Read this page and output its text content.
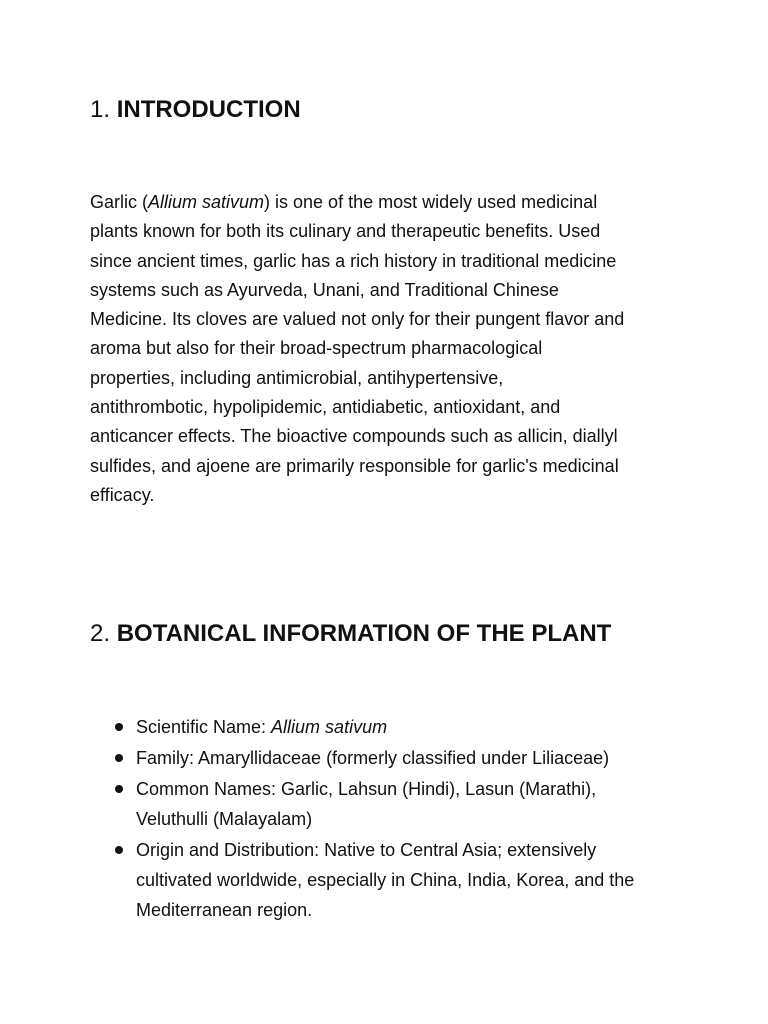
1. INTRODUCTION

Garlic (Allium sativum) is one of the most widely used medicinal
plants known for both its culinary and therapeutic benefits. Used
since ancient times, garlic has a rich history in traditional medicine
systems such as Ayurveda, Unani, and Traditional Chinese
Medicine. Its cloves are valued not only for their pungent flavor and
aroma but also for their broad-spectrum pharmacological
properties, including antimicrobial, antihypertensive,
antithrombotic, hypolipidemic, antidiabetic, antioxidant, and
anticancer effects. The bioactive compounds such as allicin, diallyl
sulfides, and ajoene are primarily responsible for garlic's medicinal
efficacy.

2. BOTANICAL INFORMATION OF THE PLANT
Scientific Name: Allium sativum
Family: Amaryllidaceae (formerly classified under Liliaceae)
Common Names: Garlic, Lahsun (Hindi), Lasun (Marathi),
Veluthulli (Malayalam)
Origin and Distribution: Native to Central Asia; extensively
cultivated worldwide, especially in China, India, Korea, and the
Mediterranean region.
